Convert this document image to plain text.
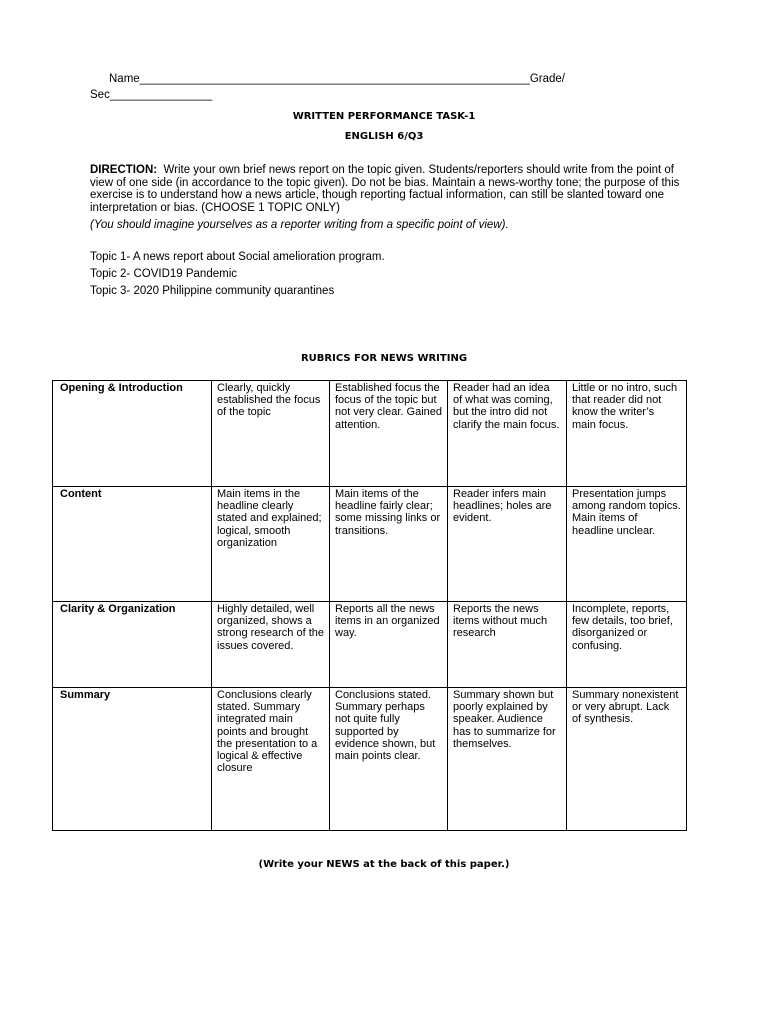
Name_____________________________________________________________Grade/
Sec________________
WRITTEN PERFORMANCE TASK-1
ENGLISH 6/Q3
DIRECTION: Write your own brief news report on the topic given. Students/reporters should write from the point of view of one side (in accordance to the topic given). Do not be bias. Maintain a news-worthy tone; the purpose of this exercise is to understand how a news article, though reporting factual information, can still be slanted toward one interpretation or bias. (CHOOSE 1 TOPIC ONLY)
(You should imagine yourselves as a reporter writing from a specific point of view).
Topic 1- A news report about Social amelioration program.
Topic 2- COVID19 Pandemic
Topic 3- 2020 Philippine community quarantines
RUBRICS FOR NEWS WRITING
Opening & Introduction	Clearly, quickly established the focus of the topic	Established focus the focus of the topic but not very clear. Gained attention.	Reader had an idea of what was coming, but the intro did not clarify the main focus.	Little or no intro, such that reader did not know the writer’s main focus.
Content	Main items in the headline clearly stated and explained; logical, smooth organization	Main items of the headline fairly clear; some missing links or transitions.	Reader infers main headlines; holes are evident.	Presentation jumps among random topics. Main items of headline unclear.
Clarity & Organization	Highly detailed, well organized, shows a strong research of the issues covered.	Reports all the news items in an organized way.	Reports the news items without much research	Incomplete, reports, few details, too brief, disorganized or confusing.
Summary	Conclusions clearly stated. Summary integrated main points and brought the presentation to a logical & effective closure	Conclusions stated. Summary perhaps not quite fully supported by evidence shown, but main points clear.	Summary shown but poorly explained by speaker. Audience has to summarize for themselves.	Summary nonexistent or very abrupt. Lack of synthesis.
(Write your NEWS at the back of this paper.)
